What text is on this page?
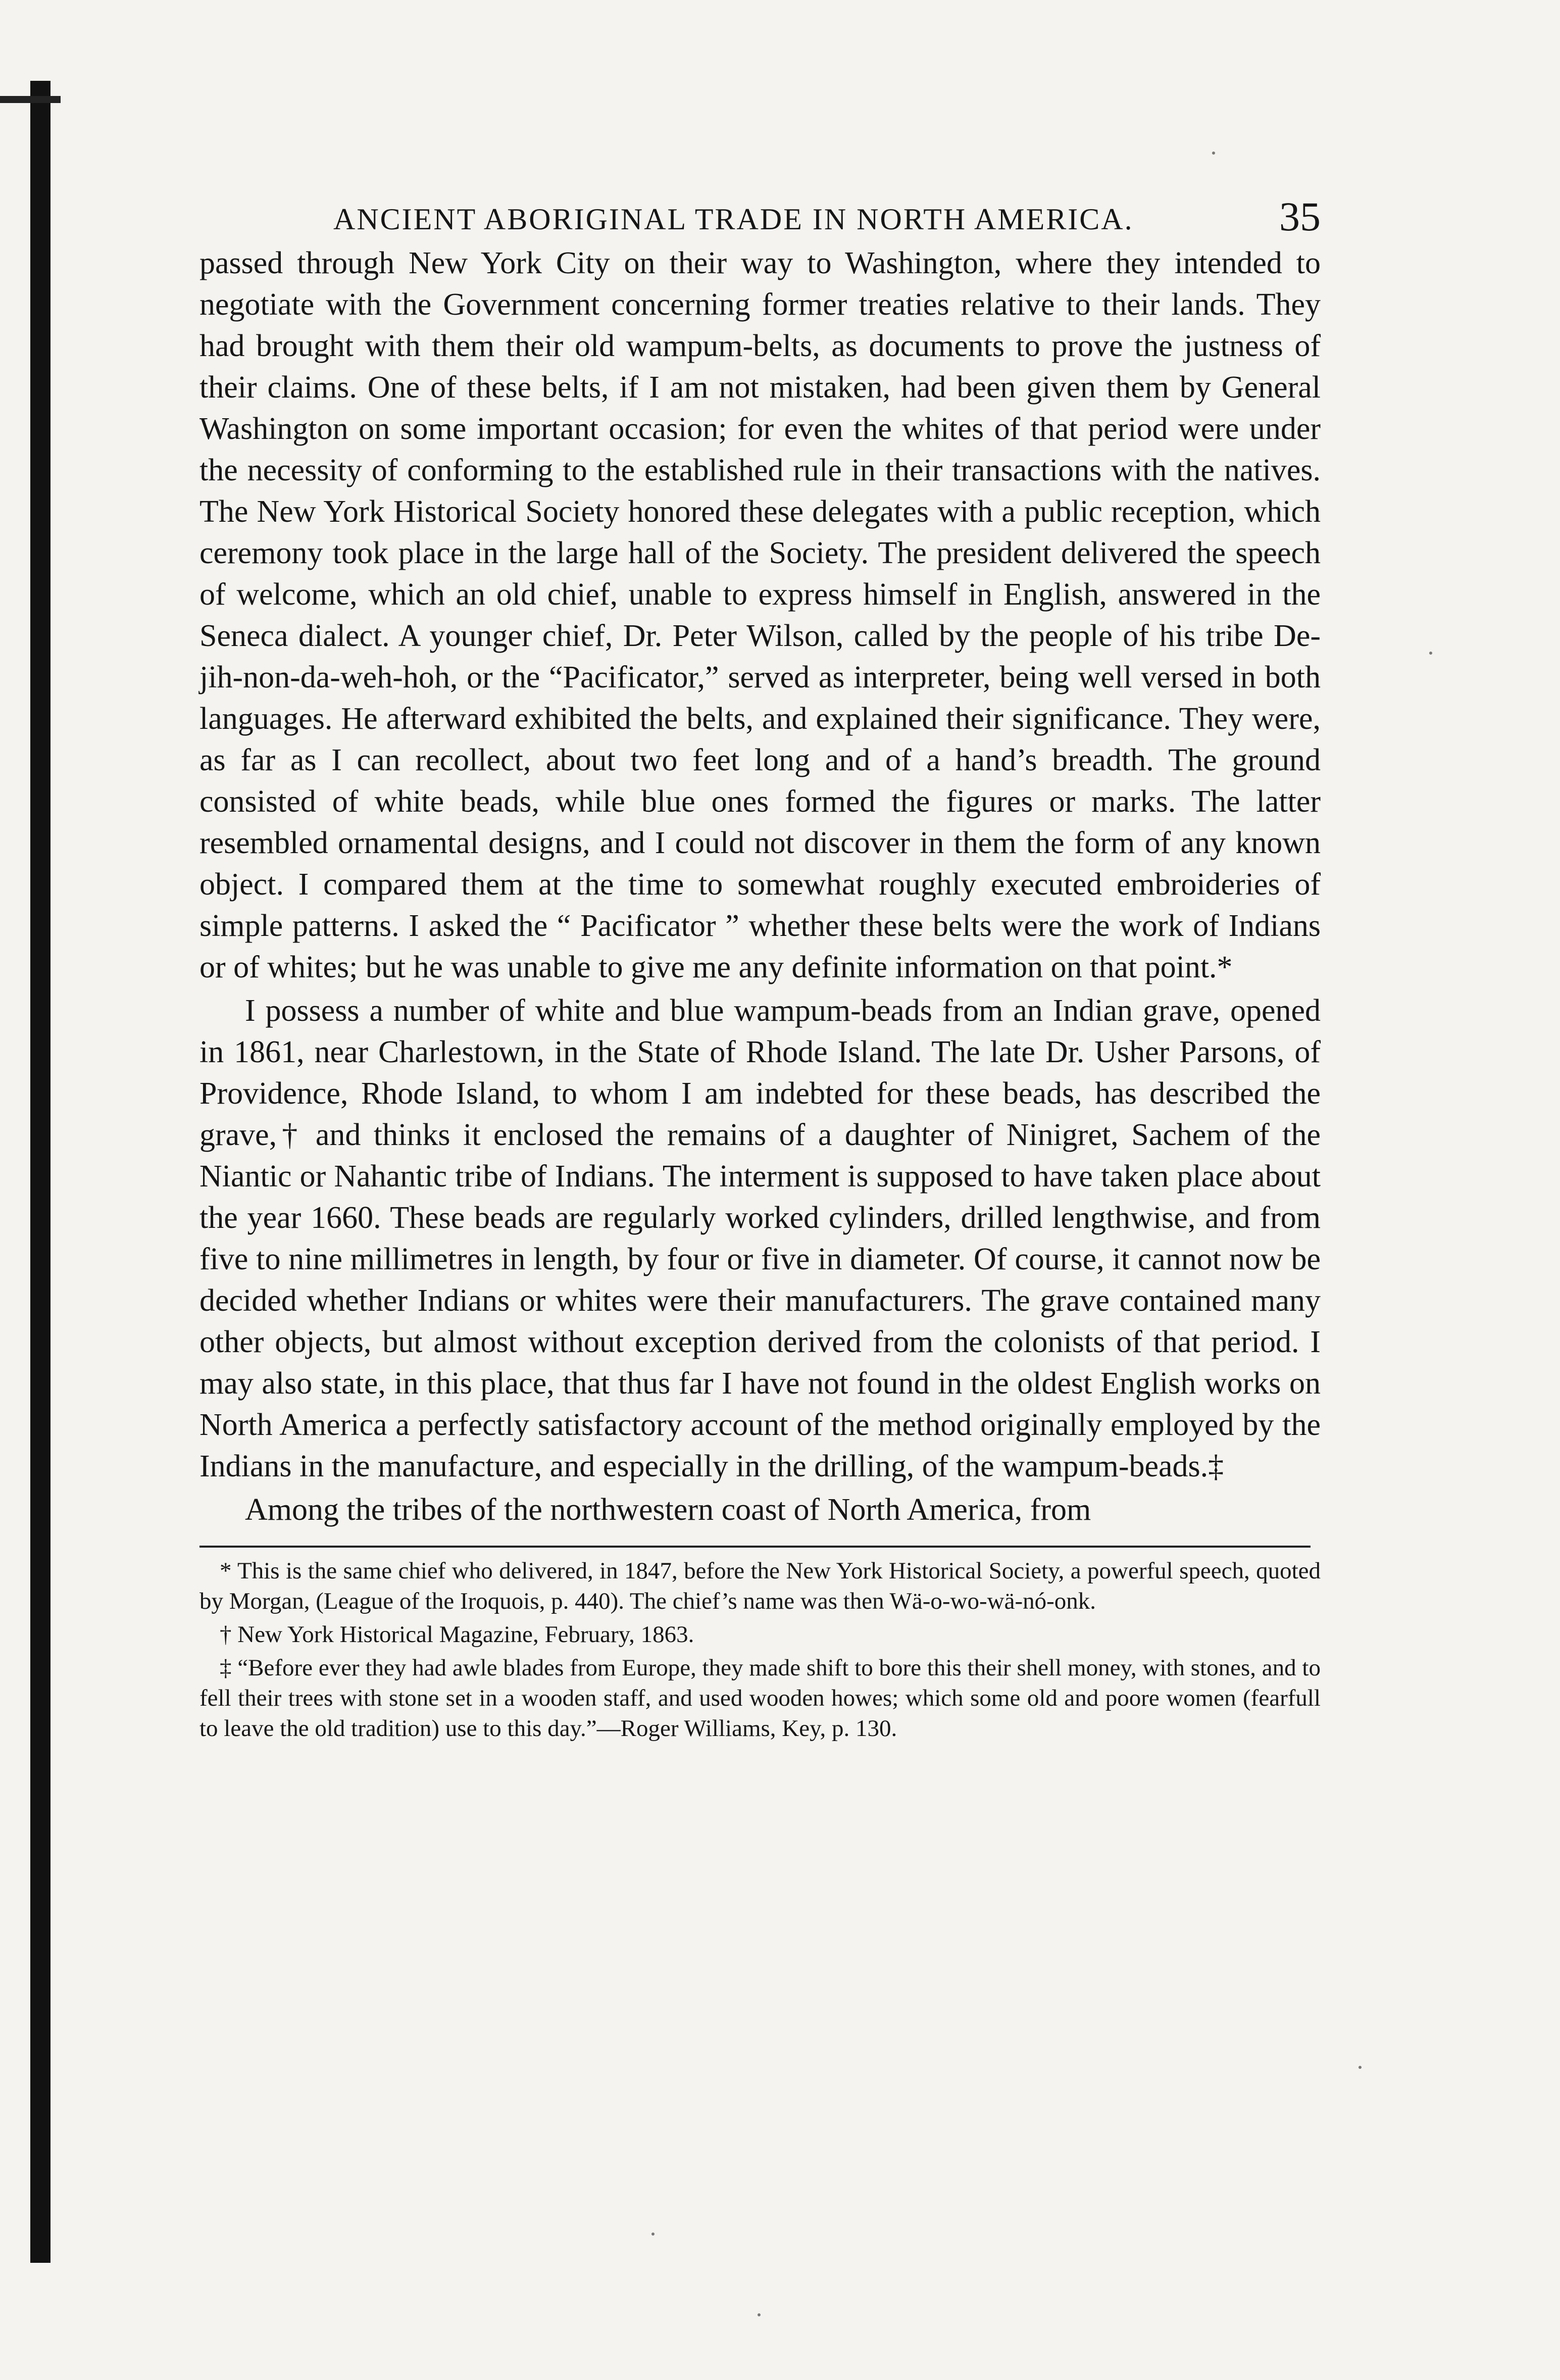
ANCIENT ABORIGINAL TRADE IN NORTH AMERICA.	35

passed through New York City on their way to Washington, where they intended to negotiate with the Government concerning former treaties relative to their lands. They had brought with them their old wampum-belts, as documents to prove the justness of their claims. One of these belts, if I am not mistaken, had been given them by General Washington on some important occasion; for even the whites of that period were under the necessity of conforming to the established rule in their transactions with the natives. The New York Historical Society honored these delegates with a public reception, which ceremony took place in the large hall of the Society. The president delivered the speech of welcome, which an old chief, unable to express himself in English, answered in the Seneca dialect. A younger chief, Dr. Peter Wilson, called by the people of his tribe De-jih-non-da-weh-hoh, or the “Pacificator,” served as interpreter, being well versed in both languages. He afterward exhibited the belts, and explained their significance. They were, as far as I can recollect, about two feet long and of a hand’s breadth. The ground consisted of white beads, while blue ones formed the figures or marks. The latter resembled ornamental designs, and I could not discover in them the form of any known object. I compared them at the time to somewhat roughly executed embroideries of simple patterns. I asked the “ Pacificator ” whether these belts were the work of Indians or of whites; but he was unable to give me any definite information on that point.*

I possess a number of white and blue wampum-beads from an Indian grave, opened in 1861, near Charlestown, in the State of Rhode Island. The late Dr. Usher Parsons, of Providence, Rhode Island, to whom I am indebted for these beads, has described the grave,† and thinks it enclosed the remains of a daughter of Ninigret, Sachem of the Niantic or Nahantic tribe of Indians. The interment is supposed to have taken place about the year 1660. These beads are regularly worked cylinders, drilled lengthwise, and from five to nine millimetres in length, by four or five in diameter. Of course, it cannot now be decided whether Indians or whites were their manufacturers. The grave contained many other objects, but almost without exception derived from the colonists of that period. I may also state, in this place, that thus far I have not found in the oldest English works on North America a perfectly satisfactory account of the method originally employed by the Indians in the manufacture, and especially in the drilling, of the wampum-beads.‡

Among the tribes of the northwestern coast of North America, from

* This is the same chief who delivered, in 1847, before the New York Historical Society, a powerful speech, quoted by Morgan, (League of the Iroquois, p. 440). The chief’s name was then Wä-o-wo-wä-nó-onk.

† New York Historical Magazine, February, 1863.

‡ “Before ever they had awle blades from Europe, they made shift to bore this their shell money, with stones, and to fell their trees with stone set in a wooden staff, and used wooden howes; which some old and poore women (fearfull to leave the old tradition) use to this day.”—Roger Williams, Key, p. 130.
